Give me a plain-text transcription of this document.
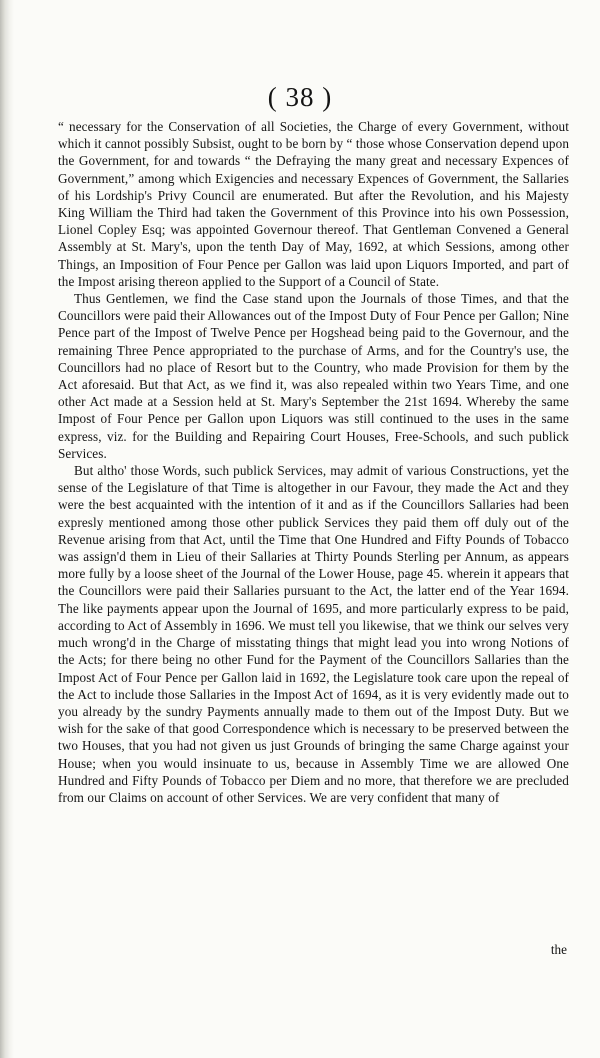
( 38 )

“ necessary for the Conservation of all Societies, the Charge of every Government, without which it cannot possibly Subsist, ought to be born by “ those whose Conservation depend upon the Government, for and towards “ the Defraying the many great and necessary Expences of Government,” among which Exigencies and necessary Expences of Government, the Sallaries of his Lordship's Privy Council are enumerated. But after the Revolution, and his Majesty King William the Third had taken the Government of this Province into his own Possession, Lionel Copley Esq; was appointed Governour thereof. That Gentleman Convened a General Assembly at St. Mary's, upon the tenth Day of May, 1692, at which Sessions, among other Things, an Imposition of Four Pence per Gallon was laid upon Liquors Imported, and part of the Impost arising thereon applied to the Support of a Council of State.

Thus Gentlemen, we find the Case stand upon the Journals of those Times, and that the Councillors were paid their Allowances out of the Impost Duty of Four Pence per Gallon; Nine Pence part of the Impost of Twelve Pence per Hogshead being paid to the Governour, and the remaining Three Pence appropriated to the purchase of Arms, and for the Country's use, the Councillors had no place of Resort but to the Country, who made Provision for them by the Act aforesaid. But that Act, as we find it, was also repealed within two Years Time, and one other Act made at a Session held at St. Mary's September the 21st 1694. Whereby the same Impost of Four Pence per Gallon upon Liquors was still continued to the uses in the same express, viz. for the Building and Repairing Court Houses, Free-Schools, and such publick Services.

But altho' those Words, such publick Services, may admit of various Constructions, yet the sense of the Legislature of that Time is altogether in our Favour, they made the Act and they were the best acquainted with the intention of it and as if the Councillors Sallaries had been expresly mentioned among those other publick Services they paid them off duly out of the Revenue arising from that Act, until the Time that One Hundred and Fifty Pounds of Tobacco was assign'd them in Lieu of their Sallaries at Thirty Pounds Sterling per Annum, as appears more fully by a loose sheet of the Journal of the Lower House, page 45. wherein it appears that the Councillors were paid their Sallaries pursuant to the Act, the latter end of the Year 1694. The like payments appear upon the Journal of 1695, and more particularly express to be paid, according to Act of Assembly in 1696. We must tell you likewise, that we think our selves very much wrong'd in the Charge of misstating things that might lead you into wrong Notions of the Acts; for there being no other Fund for the Payment of the Councillors Sallaries than the Impost Act of Four Pence per Gallon laid in 1692, the Legislature took care upon the repeal of the Act to include those Sallaries in the Impost Act of 1694, as it is very evidently made out to you already by the sundry Payments annually made to them out of the Impost Duty. But we wish for the sake of that good Correspondence which is necessary to be preserved between the two Houses, that you had not given us just Grounds of bringing the same Charge against your House; when you would insinuate to us, because in Assembly Time we are allowed One Hundred and Fifty Pounds of Tobacco per Diem and no more, that therefore we are precluded from our Claims on account of other Services. We are very confident that many of

the
